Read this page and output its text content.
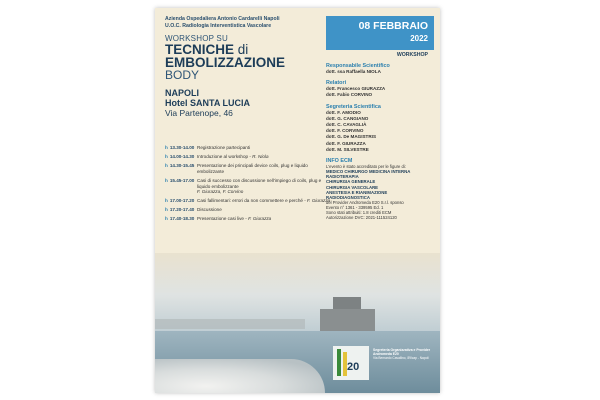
Azienda Ospedaliera Antonio Cardarelli Napoli
U.O.C. Radiologia Interventistica Vascolare
WORKSHOP SU
TECNICHE di
EMBOLIZZAZIONE
BODY
NAPOLI
Hotel SANTA LUCIA
Via Partenope, 46
h 13.30-14.00 Registrazione partecipanti
h 14.00-14.30 Introduzione al workshop - R. Niola
h 14.30-15.45 Presentazione dei principali device coils, plug e liquido embolizzante
h 15.45-17.00 Casi di successo con discussione nell'impiego di coils, plug e liquido embolizzante
F. Giurazza, F. Corvino
h 17.00-17.20 Casi fallimentari: errori da non commettere e perché - F. Giurazza
h 17.20-17.40 Discussione
h 17.40-18.30 Presentazione casi live - F. Giurazza
08 FEBBRAIO
2022
WORKSHOP
Responsabile Scientifico
dott. ssa Raffaella NIOLA
Relatori
dott. Francesco GIURAZZA
dott. Fabio CORVINO
Segreteria Scientifica
dott. F. AMODIO
dott. G. CANGIANO
dott. C. CAVAGLIÀ
dott. F. CORVINO
dott. G. De MAGISTRIS
dott. F. GIURAZZA
dott. M. SILVESTRE
INFO ECM
L'evento è stato accreditato per le figure di:
MEDICO CHIRURGO MEDICINA INTERNA
RADIOTERAPIA
CHIRURGIA GENERALE
CHIRURGIA VASCOLARE
ANESTESIA E RIANIMAZIONE
RADIODIAGNOSTICA
del Provider Andromeda E20 S.r.l. sponso
Evento n° 1361 - 339595 Ed. 1
Sono stati attribuiti: 1.8 crediti ECM
Autorizzazione DVC: 2021-111524120
20
Segreteria Organizzativa e Provider
Andromeda E20
Via Bernardo Cavallino, 89/cap - Napoli
